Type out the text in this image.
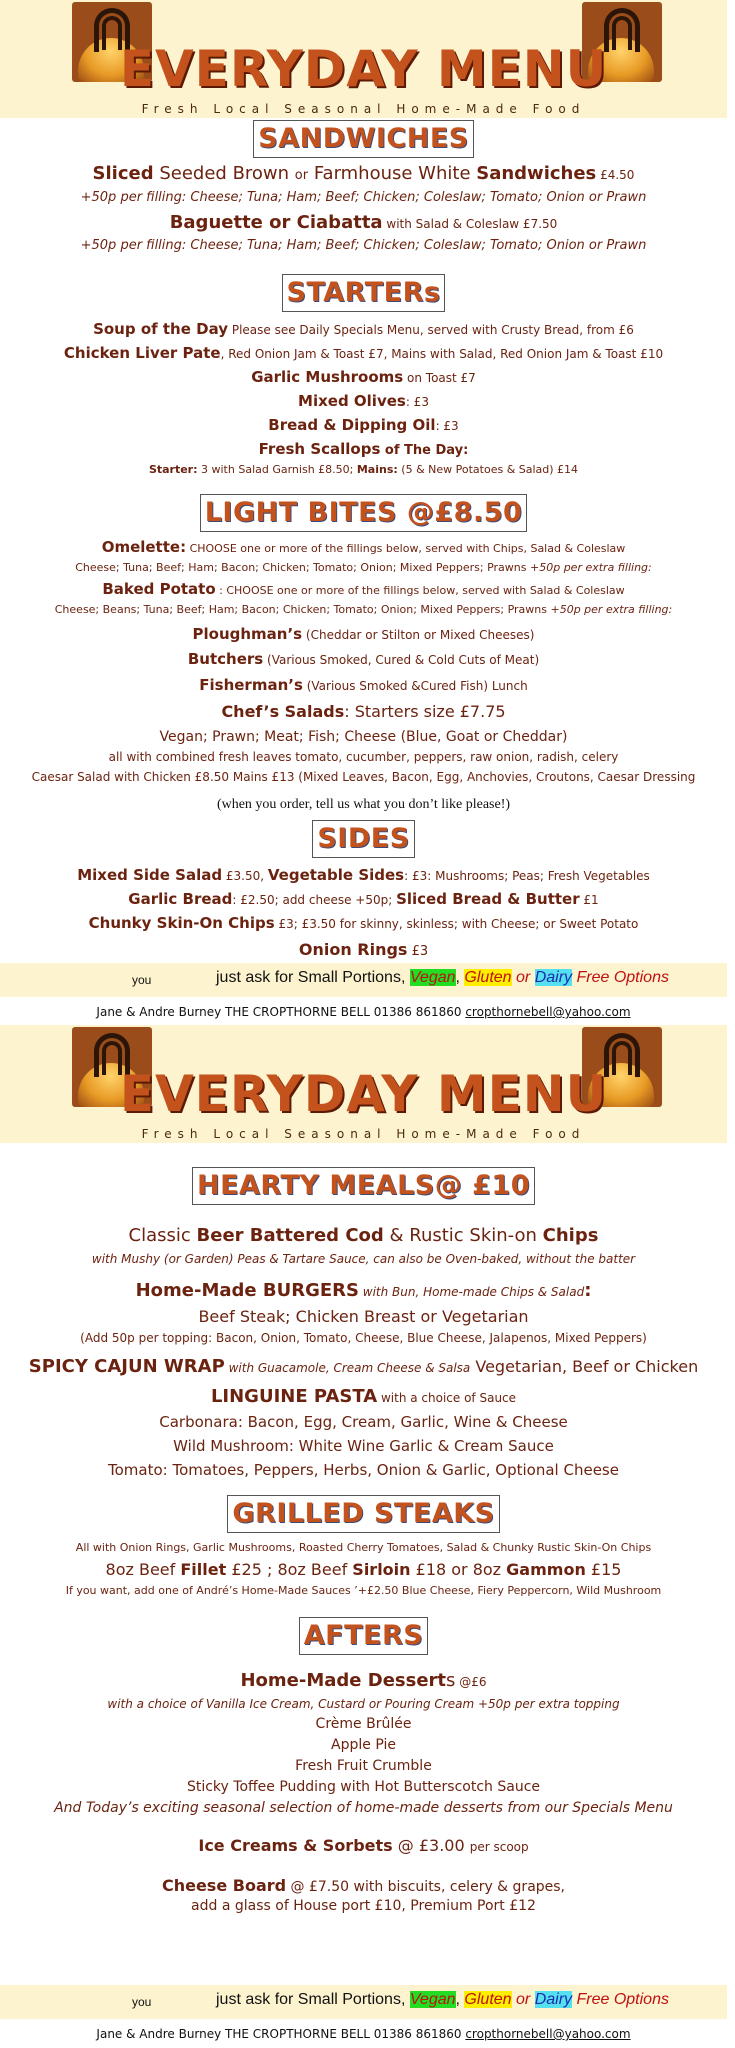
EVERYDAY MENU
Fresh Local Seasonal Home-Made Food
SANDWICHES
Sliced Seeded Brown or Farmhouse White Sandwiches £4.50
+50p per filling: Cheese; Tuna; Ham; Beef; Chicken; Coleslaw; Tomato; Onion or Prawn
Baguette or Ciabatta with Salad & Coleslaw £7.50
+50p per filling: Cheese; Tuna; Ham; Beef; Chicken; Coleslaw; Tomato; Onion or Prawn
STARTERs
Soup of the Day Please see Daily Specials Menu, served with Crusty Bread, from £6
Chicken Liver Pate, Red Onion Jam & Toast £7, Mains with Salad, Red Onion Jam & Toast £10
Garlic Mushrooms on Toast £7
Mixed Olives: £3
Bread & Dipping Oil: £3
Fresh Scallops of The Day:
Starter: 3 with Salad Garnish £8.50; Mains: (5 & New Potatoes & Salad) £14
LIGHT BITES @£8.50
Omelette: CHOOSE one or more of the fillings below, served with Chips, Salad & Coleslaw
Cheese; Tuna; Beef; Ham; Bacon; Chicken; Tomato; Onion; Mixed Peppers; Prawns +50p per extra filling:
Baked Potato : CHOOSE one or more of the fillings below, served with Salad & Coleslaw
Cheese; Beans; Tuna; Beef; Ham; Bacon; Chicken; Tomato; Onion; Mixed Peppers; Prawns +50p per extra filling:
Ploughman’s (Cheddar or Stilton or Mixed Cheeses)
Butchers (Various Smoked, Cured & Cold Cuts of Meat)
Fisherman’s (Various Smoked &Cured Fish) Lunch
Chef’s Salads: Starters size £7.75
Vegan; Prawn; Meat; Fish; Cheese (Blue, Goat or Cheddar)
all with combined fresh leaves tomato, cucumber, peppers, raw onion, radish, celery
Caesar Salad with Chicken £8.50 Mains £13 (Mixed Leaves, Bacon, Egg, Anchovies, Croutons, Caesar Dressing
(when you order, tell us what you don’t like please!)
SIDES
Mixed Side Salad £3.50, Vegetable Sides: £3: Mushrooms; Peas; Fresh Vegetables
Garlic Bread: £2.50; add cheese +50p; Sliced Bread & Butter £1
Chunky Skin-On Chips £3; £3.50 for skinny, skinless; with Cheese; or Sweet Potato
Onion Rings £3
you	just ask for Small Portions, Vegan, Gluten or Dairy Free Options
Jane & Andre Burney THE CROPTHORNE BELL 01386 861860 cropthornebell@yahoo.com
EVERYDAY MENU
Fresh Local Seasonal Home-Made Food
HEARTY MEALS@ £10
Classic Beer Battered Cod & Rustic Skin-on Chips
with Mushy (or Garden) Peas & Tartare Sauce, can also be Oven-baked, without the batter
Home-Made BURGERS with Bun, Home-made Chips & Salad:
Beef Steak; Chicken Breast or Vegetarian
(Add 50p per topping: Bacon, Onion, Tomato, Cheese, Blue Cheese, Jalapenos, Mixed Peppers)
SPICY CAJUN WRAP with Guacamole, Cream Cheese & Salsa Vegetarian, Beef or Chicken
LINGUINE PASTA with a choice of Sauce
Carbonara: Bacon, Egg, Cream, Garlic, Wine & Cheese
Wild Mushroom: White Wine Garlic & Cream Sauce
Tomato: Tomatoes, Peppers, Herbs, Onion & Garlic, Optional Cheese
GRILLED STEAKS
All with Onion Rings, Garlic Mushrooms, Roasted Cherry Tomatoes, Salad & Chunky Rustic Skin-On Chips
8oz Beef Fillet £25 ; 8oz Beef Sirloin £18 or 8oz Gammon £15
If you want, add one of André’s Home-Made Sauces ’+£2.50 Blue Cheese, Fiery Peppercorn, Wild Mushroom
AFTERS
Home-Made Desserts @£6
with a choice of Vanilla Ice Cream, Custard or Pouring Cream +50p per extra topping
Crème Brûlée
Apple Pie
Fresh Fruit Crumble
Sticky Toffee Pudding with Hot Butterscotch Sauce
And Today’s exciting seasonal selection of home-made desserts from our Specials Menu
Ice Creams & Sorbets @ £3.00 per scoop
Cheese Board @ £7.50 with biscuits, celery & grapes,
add a glass of House port £10, Premium Port £12
you	just ask for Small Portions, Vegan, Gluten or Dairy Free Options
Jane & Andre Burney THE CROPTHORNE BELL 01386 861860 cropthornebell@yahoo.com
